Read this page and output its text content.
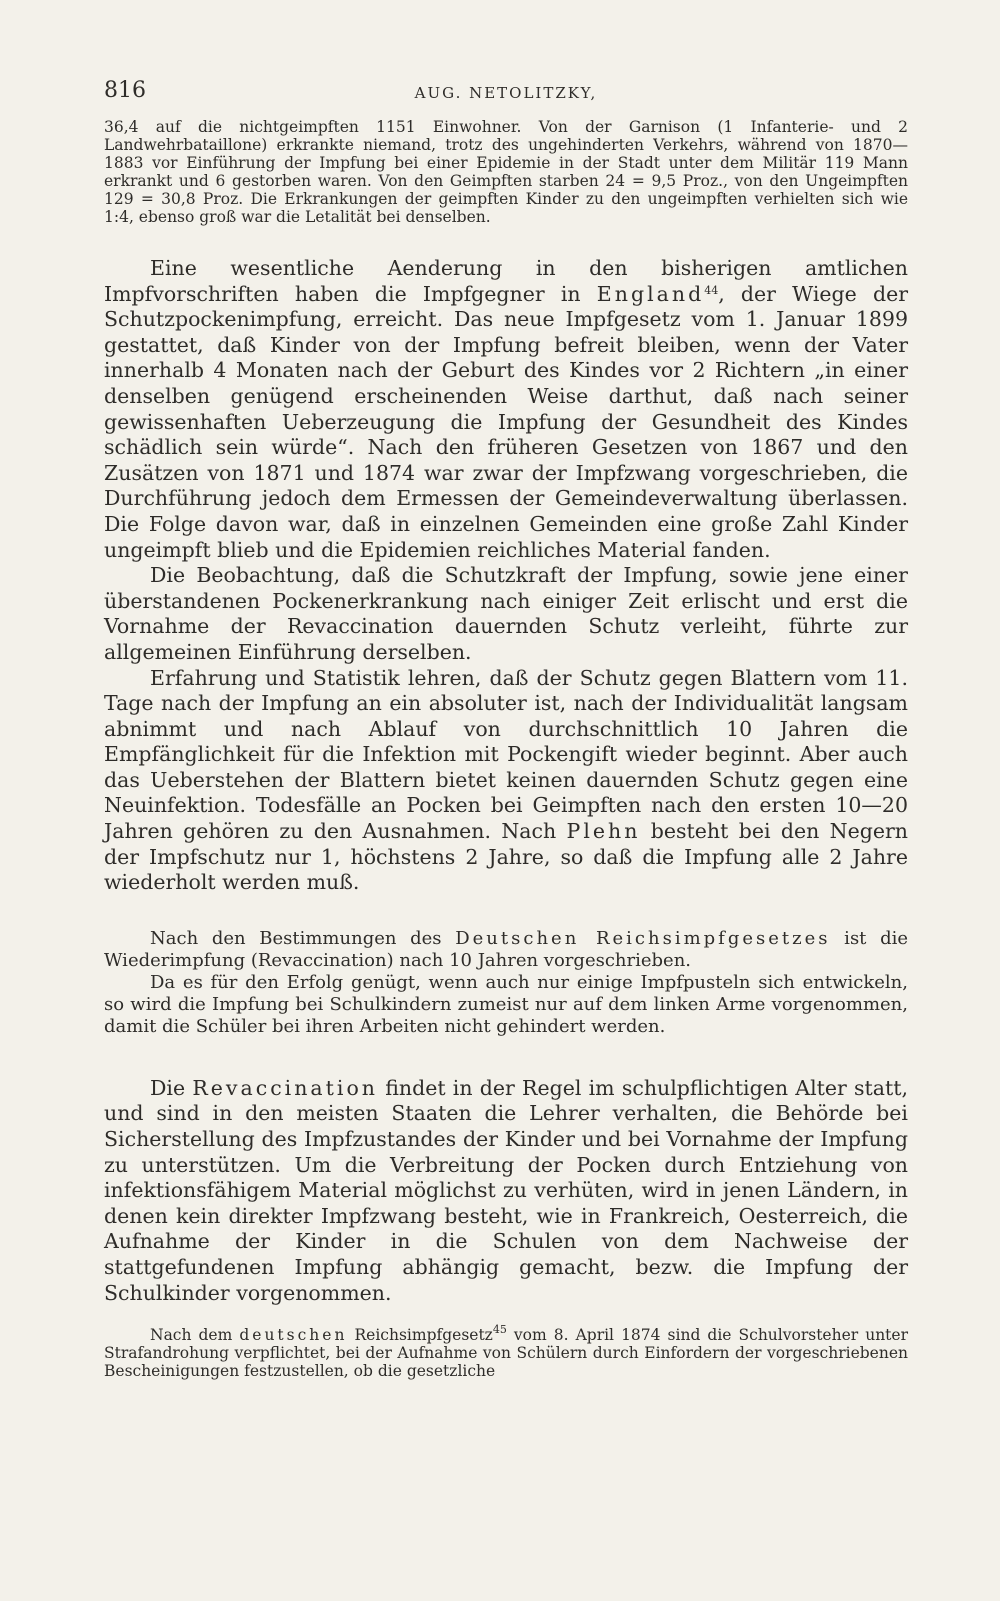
816	AUG. NETOLITZKY,

36,4 auf die nichtgeimpften 1151 Einwohner. Von der Garnison (1 Infanterie- und 2 Landwehrbataillone) erkrankte niemand, trotz des ungehinderten Verkehrs, während von 1870—1883 vor Einführung der Impfung bei einer Epidemie in der Stadt unter dem Militär 119 Mann erkrankt und 6 gestorben waren. Von den Geimpften starben 24 = 9,5 Proz., von den Ungeimpften 129 = 30,8 Proz. Die Erkrankungen der geimpften Kinder zu den ungeimpften verhielten sich wie 1:4, ebenso groß war die Letalität bei denselben.

Eine wesentliche Aenderung in den bisherigen amtlichen Impfvorschriften haben die Impfgegner in England$^{44}$, der Wiege der Schutzpockenimpfung, erreicht. Das neue Impfgesetz vom 1. Januar 1899 gestattet, daß Kinder von der Impfung befreit bleiben, wenn der Vater innerhalb 4 Monaten nach der Geburt des Kindes vor 2 Richtern „in einer denselben genügend erscheinenden Weise darthut, daß nach seiner gewissenhaften Ueberzeugung die Impfung der Gesundheit des Kindes schädlich sein würde“. Nach den früheren Gesetzen von 1867 und den Zusätzen von 1871 und 1874 war zwar der Impfzwang vorgeschrieben, die Durchführung jedoch dem Ermessen der Gemeindeverwaltung überlassen. Die Folge davon war, daß in einzelnen Gemeinden eine große Zahl Kinder ungeimpft blieb und die Epidemien reichliches Material fanden.

Die Beobachtung, daß die Schutzkraft der Impfung, sowie jene einer überstandenen Pockenerkrankung nach einiger Zeit erlischt und erst die Vornahme der Revaccination dauernden Schutz verleiht, führte zur allgemeinen Einführung derselben.

Erfahrung und Statistik lehren, daß der Schutz gegen Blattern vom 11. Tage nach der Impfung an ein absoluter ist, nach der Individualität langsam abnimmt und nach Ablauf von durchschnittlich 10 Jahren die Empfänglichkeit für die Infektion mit Pockengift wieder beginnt. Aber auch das Ueberstehen der Blattern bietet keinen dauernden Schutz gegen eine Neuinfektion. Todesfälle an Pocken bei Geimpften nach den ersten 10—20 Jahren gehören zu den Ausnahmen. Nach Plehn besteht bei den Negern der Impfschutz nur 1, höchstens 2 Jahre, so daß die Impfung alle 2 Jahre wiederholt werden muß.

Nach den Bestimmungen des Deutschen Reichsimpfgesetzes ist die Wiederimpfung (Revaccination) nach 10 Jahren vorgeschrieben.

Da es für den Erfolg genügt, wenn auch nur einige Impfpusteln sich entwickeln, so wird die Impfung bei Schulkindern zumeist nur auf dem linken Arme vorgenommen, damit die Schüler bei ihren Arbeiten nicht gehindert werden.

Die Revaccination findet in der Regel im schulpflichtigen Alter statt, und sind in den meisten Staaten die Lehrer verhalten, die Behörde bei Sicherstellung des Impfzustandes der Kinder und bei Vornahme der Impfung zu unterstützen. Um die Verbreitung der Pocken durch Entziehung von infektionsfähigem Material möglichst zu verhüten, wird in jenen Ländern, in denen kein direkter Impfzwang besteht, wie in Frankreich, Oesterreich, die Aufnahme der Kinder in die Schulen von dem Nachweise der stattgefundenen Impfung abhängig gemacht, bezw. die Impfung der Schulkinder vorgenommen.

Nach dem deutschen Reichsimpfgesetz$^{45}$ vom 8. April 1874 sind die Schulvorsteher unter Strafandrohung verpflichtet, bei der Aufnahme von Schülern durch Einfordern der vorgeschriebenen Bescheinigungen festzustellen, ob die gesetzliche
